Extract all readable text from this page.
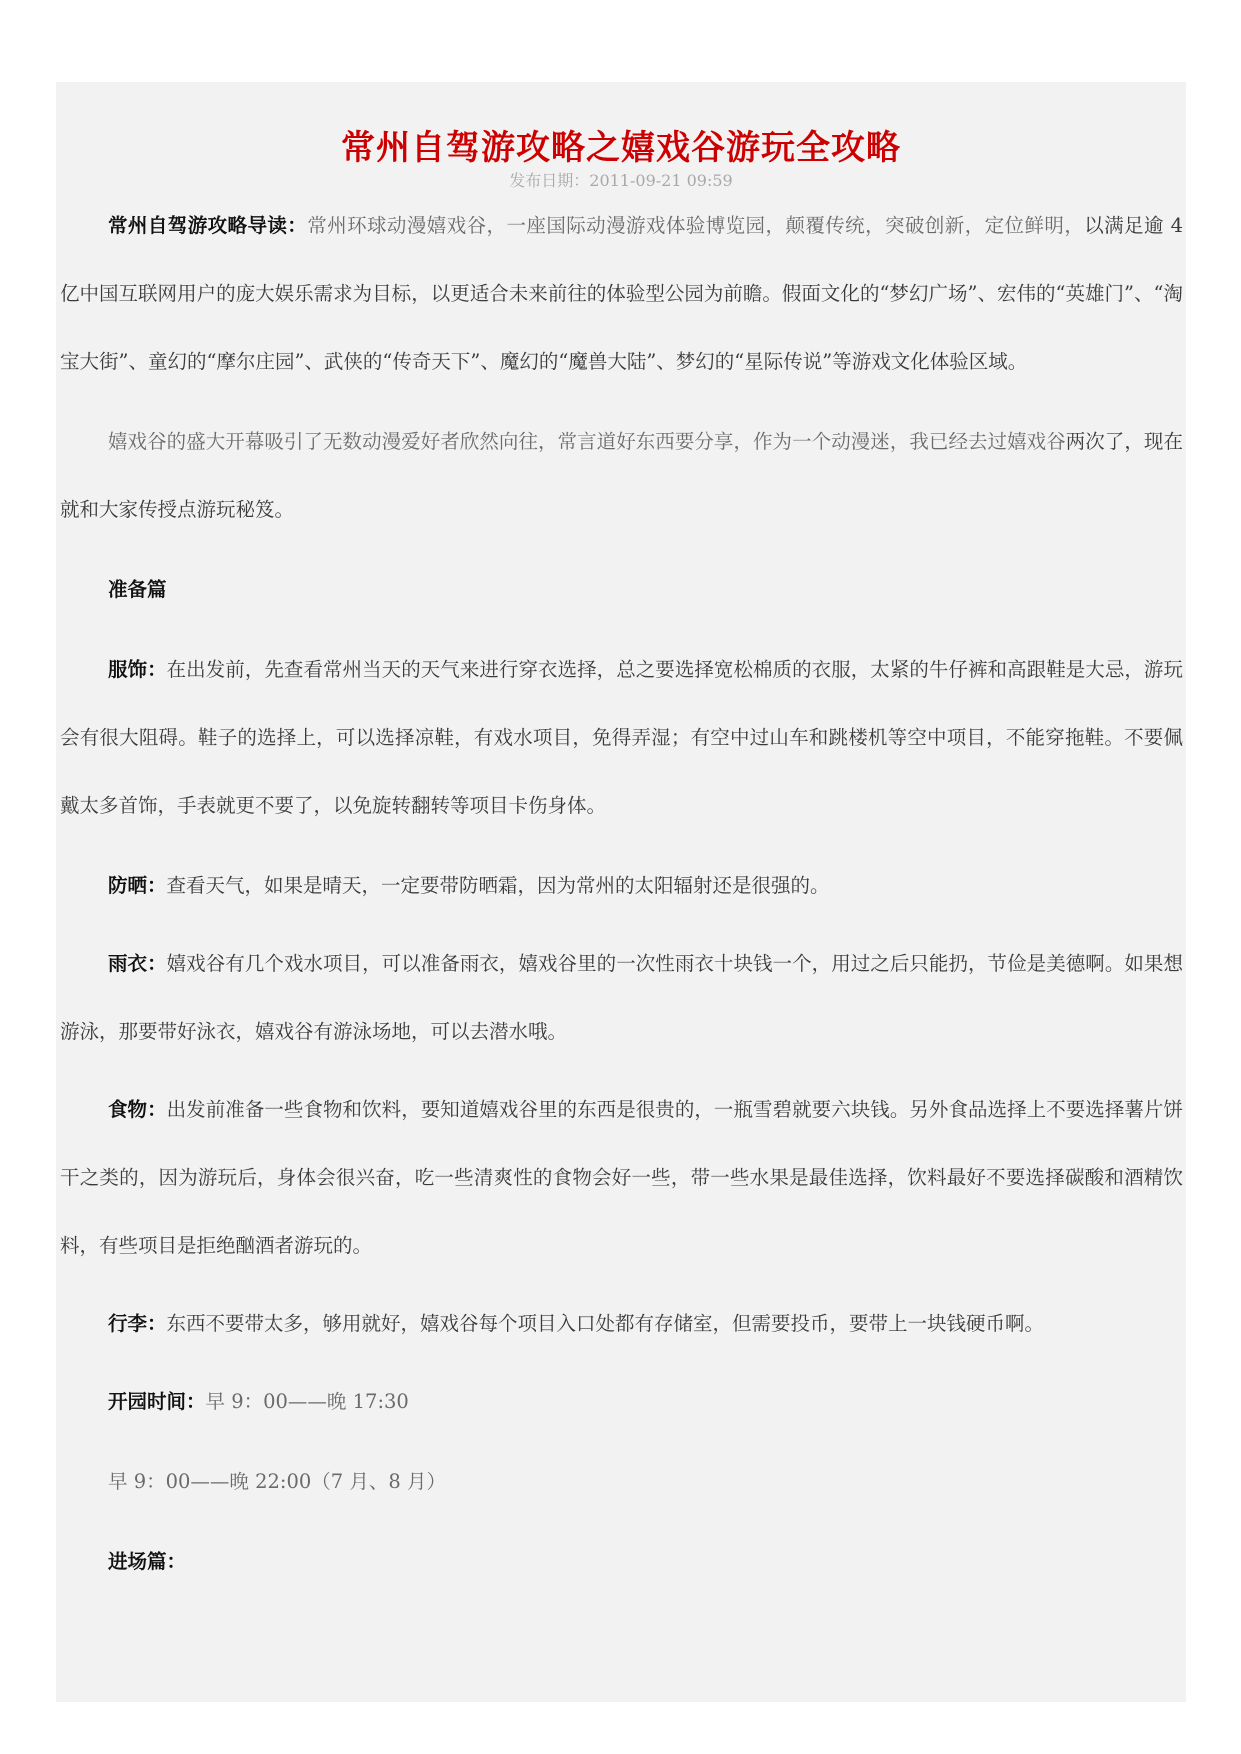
常州自驾游攻略之嬉戏谷游玩全攻略
发布日期：2011-09-21 09:59

常州自驾游攻略导读：常州环球动漫嬉戏谷，一座国际动漫游戏体验博览园，颠覆传统，突破创新，定位鲜明，以满足逾 4 亿中国互联网用户的庞大娱乐需求为目标，以更适合未来前往的体验型公园为前瞻。假面文化的“梦幻广场”、宏伟的“英雄门”、“淘宝大街”、童幻的“摩尔庄园”、武侠的“传奇天下”、魔幻的“魔兽大陆”、梦幻的“星际传说”等游戏文化体验区域。

嬉戏谷的盛大开幕吸引了无数动漫爱好者欣然向往，常言道好东西要分享，作为一个动漫迷，我已经去过嬉戏谷两次了，现在就和大家传授点游玩秘笈。

准备篇

服饰：在出发前，先查看常州当天的天气来进行穿衣选择，总之要选择宽松棉质的衣服，太紧的牛仔裤和高跟鞋是大忌，游玩会有很大阻碍。鞋子的选择上，可以选择凉鞋，有戏水项目，免得弄湿；有空中过山车和跳楼机等空中项目，不能穿拖鞋。不要佩戴太多首饰，手表就更不要了，以免旋转翻转等项目卡伤身体。

防晒：查看天气，如果是晴天，一定要带防晒霜，因为常州的太阳辐射还是很强的。

雨衣：嬉戏谷有几个戏水项目，可以准备雨衣，嬉戏谷里的一次性雨衣十块钱一个，用过之后只能扔，节俭是美德啊。如果想游泳，那要带好泳衣，嬉戏谷有游泳场地，可以去潜水哦。

食物：出发前准备一些食物和饮料，要知道嬉戏谷里的东西是很贵的，一瓶雪碧就要六块钱。另外食品选择上不要选择薯片饼干之类的，因为游玩后，身体会很兴奋，吃一些清爽性的食物会好一些，带一些水果是最佳选择，饮料最好不要选择碳酸和酒精饮料，有些项目是拒绝酗酒者游玩的。

行李：东西不要带太多，够用就好，嬉戏谷每个项目入口处都有存储室，但需要投币，要带上一块钱硬币啊。

开园时间：早 9：00——晚 17:30

早 9：00——晚 22:00（7 月、8 月）

进场篇：
